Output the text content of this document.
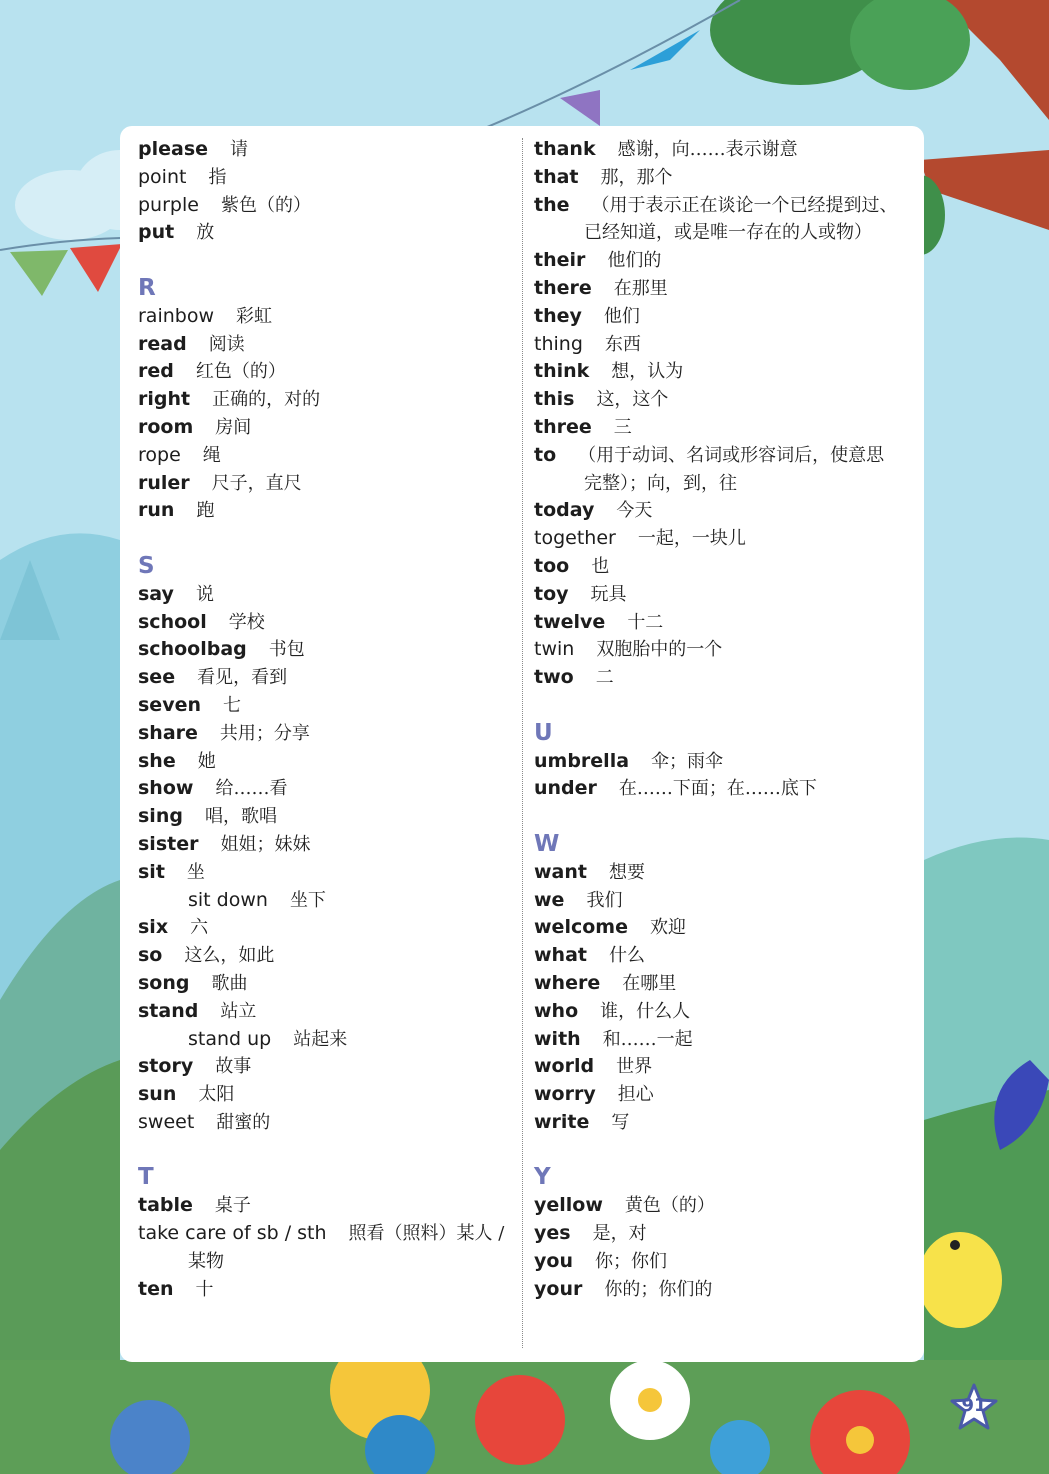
please 请
point 指
purple 紫色（的）
put 放
R
rainbow 彩虹
read 阅读
red 红色（的）
right 正确的，对的
room 房间
rope 绳
ruler 尺子，直尺
run 跑
S
say 说
school 学校
schoolbag 书包
see 看见，看到
seven 七
share 共用；分享
she 她
show 给……看
sing 唱，歌唱
sister 姐姐；妹妹
sit 坐
sit down 坐下
six 六
so 这么，如此
song 歌曲
stand 站立
stand up 站起来
story 故事
sun 太阳
sweet 甜蜜的
T
table 桌子
take care of sb / sth 照看（照料）某人 /
某物
ten 十
thank 感谢，向……表示谢意
that 那，那个
the （用于表示正在谈论一个已经提到过、
已经知道，或是唯一存在的人或物）
their 他们的
there 在那里
they 他们
thing 东西
think 想，认为
this 这，这个
three 三
to （用于动词、名词或形容词后，使意思
完整）；向，到，往
today 今天
together 一起，一块儿
too 也
toy 玩具
twelve 十二
twin 双胞胎中的一个
two 二
U
umbrella 伞；雨伞
under 在……下面；在……底下
W
want 想要
we 我们
welcome 欢迎
what 什么
where 在哪里
who 谁，什么人
with 和……一起
world 世界
worry 担心
write 写
Y
yellow 黄色（的）
yes 是，对
you 你；你们
your 你的；你们的
91
